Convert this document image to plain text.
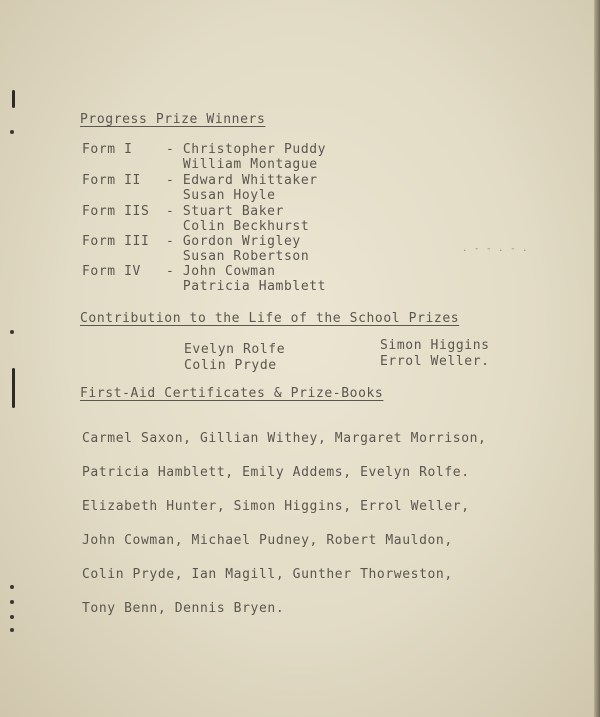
. - - . - .
Progress Prize Winners
Form I	- Christopher Puddy
William Montague
Form II - Edward Whittaker
Susan Hoyle
Form IIS - Stuart Baker
Colin Beckhurst
Form III - Gordon Wrigley
Susan Robertson
Form IV - John Cowman
Patricia Hamblett
Contribution to the Life of the School Prizes
Evelyn Rolfe
Colin Pryde
Simon Higgins
Errol Weller.
First-Aid Certificates & Prize-Books

Carmel Saxon, Gillian Withey, Margaret Morrison,

Patricia Hamblett, Emily Addems, Evelyn Rolfe.

Elizabeth Hunter, Simon Higgins, Errol Weller,

John Cowman, Michael Pudney, Robert Mauldon,

Colin Pryde, Ian Magill, Gunther Thorweston,

Tony Benn, Dennis Bryen.
